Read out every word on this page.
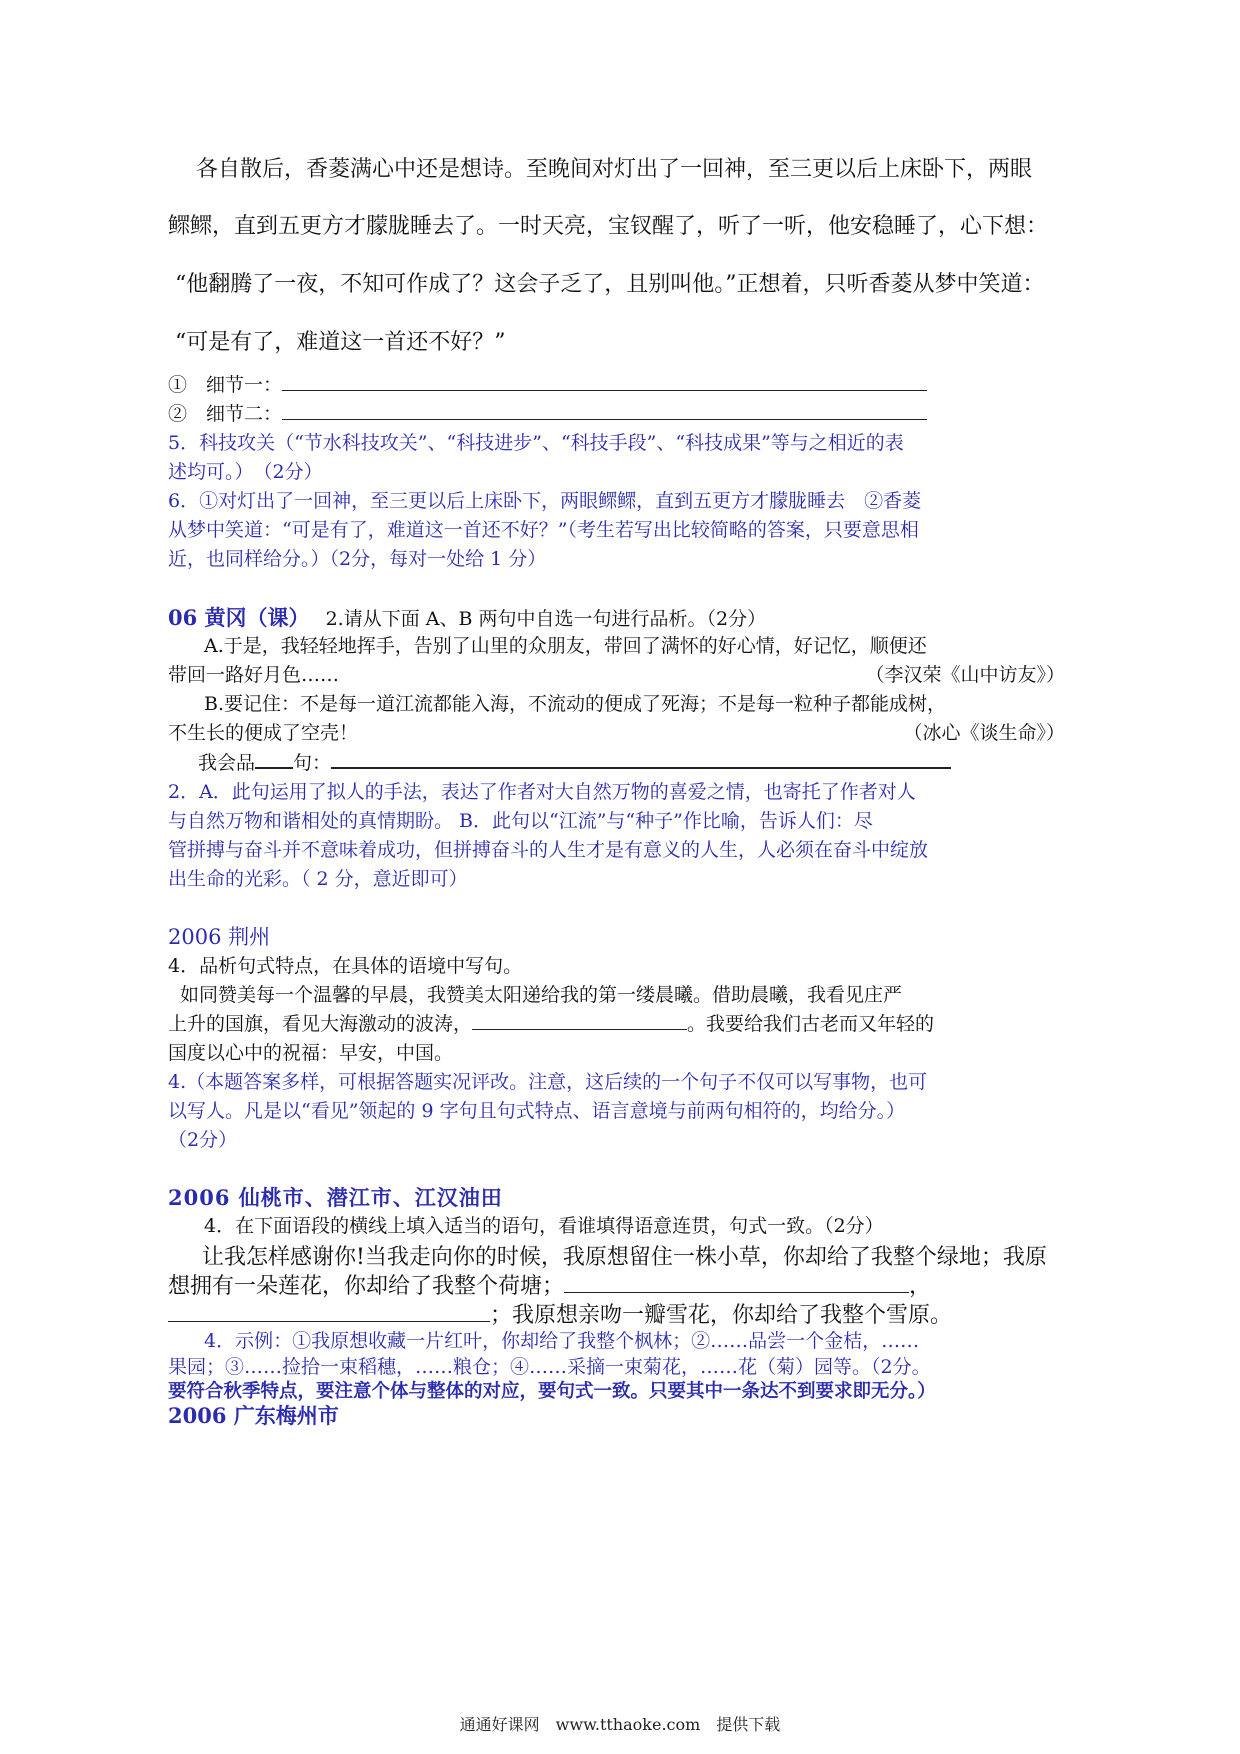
各自散后，香菱满心中还是想诗。至晚间对灯出了一回神，至三更以后上床卧下，两眼
鳏鳏，直到五更方才朦胧睡去了。一时天亮，宝钗醒了，听了一听，他安稳睡了，心下想：
“他翻腾了一夜，不知可作成了？这会子乏了，且别叫他。”正想着，只听香菱从梦中笑道：
“可是有了，难道这一首还不好？”
①　细节一：
②　细节二：
5．科技攻关（“节水科技攻关”、“科技进步”、“科技手段”、“科技成果”等与之相近的表
述均可。）　（2分）
6．①对灯出了一回神，至三更以后上床卧下，两眼鳏鳏，直到五更方才朦胧睡去　②香菱
从梦中笑道：“可是有了，难道这一首还不好？”（考生若写出比较简略的答案，只要意思相
近，也同样给分。）（2分，每对一处给 1 分）
06 黄冈（课） 2.请从下面 A、B 两句中自选一句进行品析。（2分）
A.于是，我轻轻地挥手，告别了山里的众朋友，带回了满怀的好心情，好记忆，顺便还
带回一路好月色……	（李汉荣《山中访友》）
B.要记住：不是每一道江流都能入海，不流动的便成了死海；不是每一粒种子都能成树，
不生长的便成了空壳！	（冰心《谈生命》）
我会品 句：
2．A．此句运用了拟人的手法，表达了作者对大自然万物的喜爱之情，也寄托了作者对人
与自然万物和谐相处的真情期盼。 B．此句以“江流”与“种子”作比喻，告诉人们：尽
管拼搏与奋斗并不意味着成功，但拼搏奋斗的人生才是有意义的人生，人必须在奋斗中绽放
出生命的光彩。（ 2 分，意近即可）
2006 荆州
4．品析句式特点，在具体的语境中写句。
如同赞美每一个温馨的早晨，我赞美太阳递给我的第一缕晨曦。借助晨曦，我看见庄严
上升的国旗，看见大海激动的波涛，	。我要给我们古老而又年轻的
国度以心中的祝福：早安，中国。
4.（本题答案多样，可根据答题实况评改。注意，这后续的一个句子不仅可以写事物，也可
以写人。凡是以“看见”领起的 9 字句且句式特点、语言意境与前两句相符的，均给分。）
（2分）
2006 仙桃市、潜江市、江汉油田
4．在下面语段的横线上填入适当的语句，看谁填得语意连贯，句式一致。（2分）
让我怎样感谢你!当我走向你的时候，我原想留住一株小草，你却给了我整个绿地；我原
想拥有一朵莲花，你却给了我整个荷塘；	，
；我原想亲吻一瓣雪花，你却给了我整个雪原。
4．示例：①我原想收藏一片红叶，你却给了我整个枫林；②……品尝一个金桔，……
果园；③……捡拾一束稻穗，……粮仓；④……采摘一束菊花，……花（菊）园等。（2分。
要符合秋季特点，要注意个体与整体的对应，要句式一致。只要其中一条达不到要求即无分。）
2006 广东梅州市
通通好课网　www.tthaoke.com　提供下载
